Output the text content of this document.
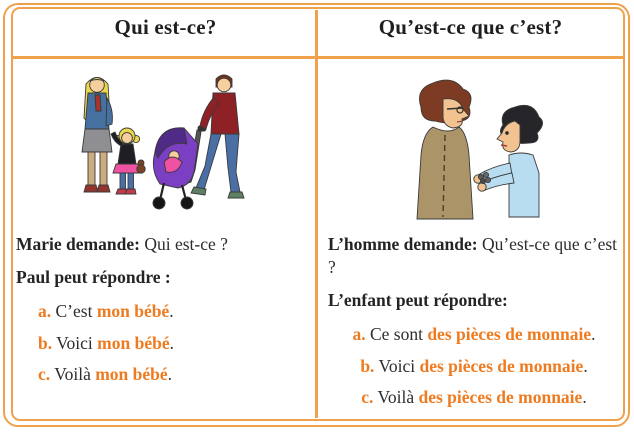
Qui est-ce?	Qu’est-ce que c’est?

Marie demande: Qui est-ce ?

Paul peut répondre :

a. C’est mon bébé.

b. Voici mon bébé.

c. Voilà mon bébé.

L’homme demande: Qu’est-ce que c’est ?

L’enfant peut répondre:

a. Ce sont des pièces de monnaie.

b. Voici des pièces de monnaie.

c. Voilà des pièces de monnaie.
